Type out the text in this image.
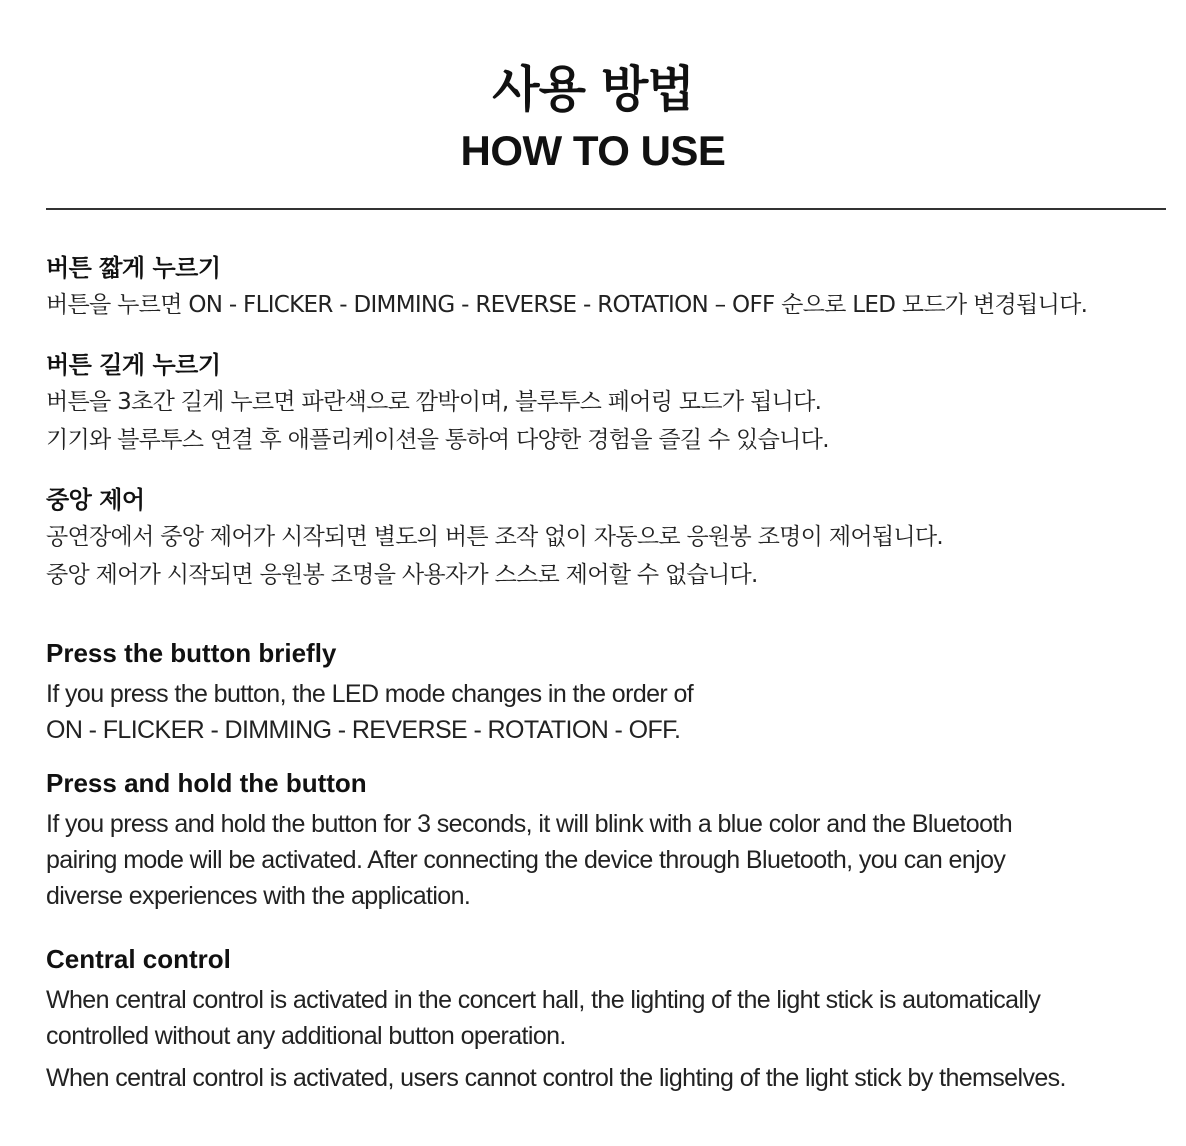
사용 방법
HOW TO USE
버튼 짧게 누르기

버튼을 누르면 ON - FLICKER - DIMMING - REVERSE - ROTATION – OFF 순으로 LED 모드가 변경됩니다.

버튼 길게 누르기

버튼을 3초간 길게 누르면 파란색으로 깜박이며, 블루투스 페어링 모드가 됩니다.

기기와 블루투스 연결 후 애플리케이션을 통하여 다양한 경험을 즐길 수 있습니다.

중앙 제어

공연장에서 중앙 제어가 시작되면 별도의 버튼 조작 없이 자동으로 응원봉 조명이 제어됩니다.

중앙 제어가 시작되면 응원봉 조명을 사용자가 스스로 제어할 수 없습니다.

Press the button briefly

If you press the button, the LED mode changes in the order of

ON - FLICKER - DIMMING - REVERSE - ROTATION - OFF.

Press and hold the button

If you press and hold the button for 3 seconds, it will blink with a blue color and the Bluetooth

pairing mode will be activated. After connecting the device through Bluetooth, you can enjoy

diverse experiences with the application.

Central control

When central control is activated in the concert hall, the lighting of the light stick is automatically

controlled without any additional button operation.

When central control is activated, users cannot control the lighting of the light stick by themselves.
